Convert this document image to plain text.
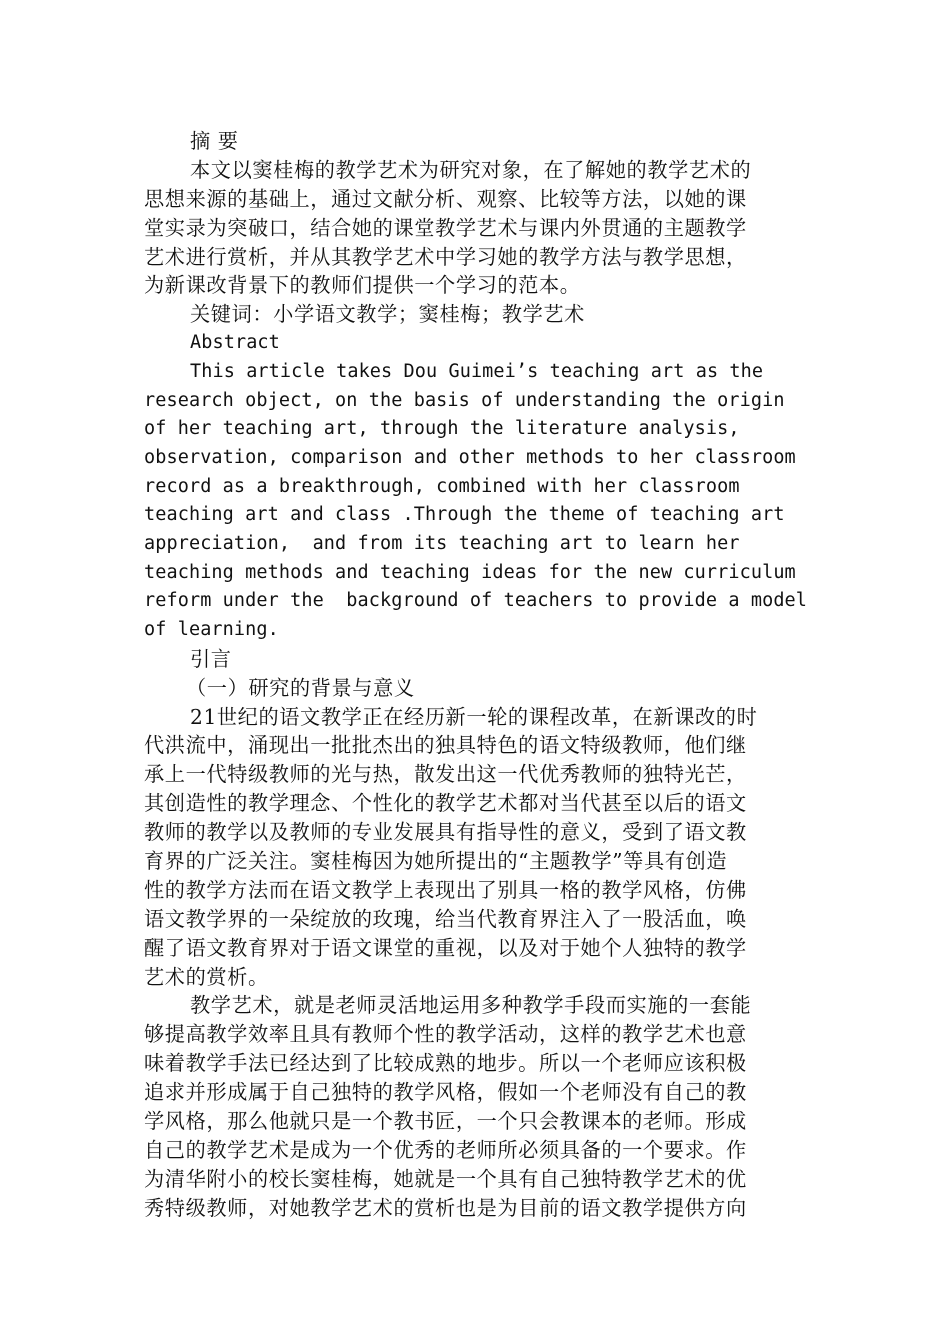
摘 要
本文以窦桂梅的教学艺术为研究对象，在了解她的教学艺术的
思想来源的基础上，通过文献分析、观察、比较等方法，以她的课
堂实录为突破口，结合她的课堂教学艺术与课内外贯通的主题教学
艺术进行赏析，并从其教学艺术中学习她的教学方法与教学思想，
为新课改背景下的教师们提供一个学习的范本。
关键词：小学语文教学；窦桂梅；教学艺术
Abstract
This article takes Dou Guimei’s teaching art as the
research object, on the basis of understanding the origin
of her teaching art, through the literature analysis,
observation, comparison and other methods to her classroom
record as a breakthrough, combined with her classroom
teaching art and class .Through the theme of teaching art
appreciation,  and from its teaching art to learn her
teaching methods and teaching ideas for the new curriculum
reform under the  background of teachers to provide a model
of learning.
引言
（一）研究的背景与意义
21世纪的语文教学正在经历新一轮的课程改革，在新课改的时
代洪流中，涌现出一批批杰出的独具特色的语文特级教师，他们继
承上一代特级教师的光与热，散发出这一代优秀教师的独特光芒，
其创造性的教学理念、个性化的教学艺术都对当代甚至以后的语文
教师的教学以及教师的专业发展具有指导性的意义，受到了语文教
育界的广泛关注。窦桂梅因为她所提出的“主题教学”等具有创造
性的教学方法而在语文教学上表现出了别具一格的教学风格，仿佛
语文教学界的一朵绽放的玫瑰，给当代教育界注入了一股活血，唤
醒了语文教育界对于语文课堂的重视，以及对于她个人独特的教学
艺术的赏析。
教学艺术，就是老师灵活地运用多种教学手段而实施的一套能
够提高教学效率且具有教师个性的教学活动，这样的教学艺术也意
味着教学手法已经达到了比较成熟的地步。所以一个老师应该积极
追求并形成属于自己独特的教学风格，假如一个老师没有自己的教
学风格，那么他就只是一个教书匠，一个只会教课本的老师。形成
自己的教学艺术是成为一个优秀的老师所必须具备的一个要求。作
为清华附小的校长窦桂梅，她就是一个具有自己独特教学艺术的优
秀特级教师，对她教学艺术的赏析也是为目前的语文教学提供方向
